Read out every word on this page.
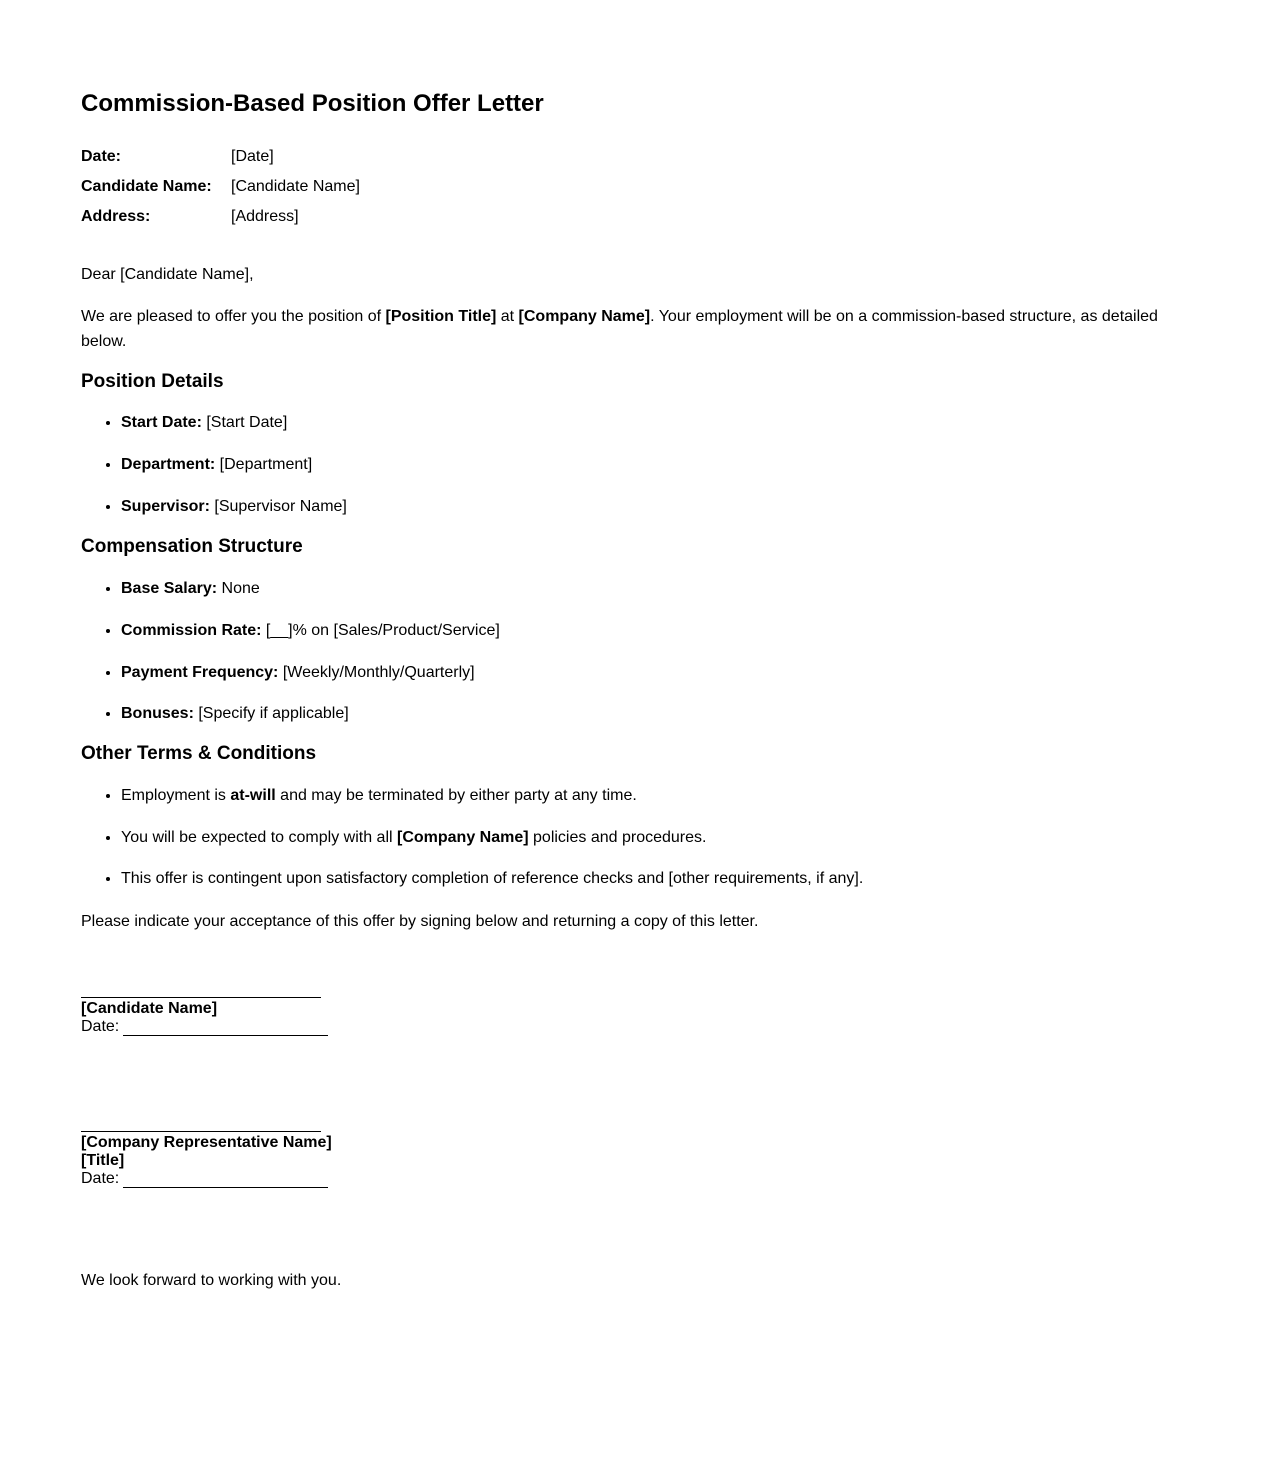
Commission-Based Position Offer Letter
Date:	[Date]
Candidate Name:	[Candidate Name]
Address:	[Address]

Dear [Candidate Name],

We are pleased to offer you the position of [Position Title] at [Company Name]. Your employment will be on a commission-based structure, as detailed below.

Position Details
• Start Date: [Start Date]
• Department: [Department]
• Supervisor: [Supervisor Name]
Compensation Structure
• Base Salary: None
• Commission Rate: [__]% on [Sales/Product/Service]
• Payment Frequency: [Weekly/Monthly/Quarterly]
• Bonuses: [Specify if applicable]
Other Terms & Conditions
• Employment is at-will and may be terminated by either party at any time.
• You will be expected to comply with all [Company Name] policies and procedures.
• This offer is contingent upon satisfactory completion of reference checks and [other requirements, if any].

Please indicate your acceptance of this offer by signing below and returning a copy of this letter.

[Candidate Name]
Date:
[Company Representative Name]
[Title]
Date:

We look forward to working with you.
